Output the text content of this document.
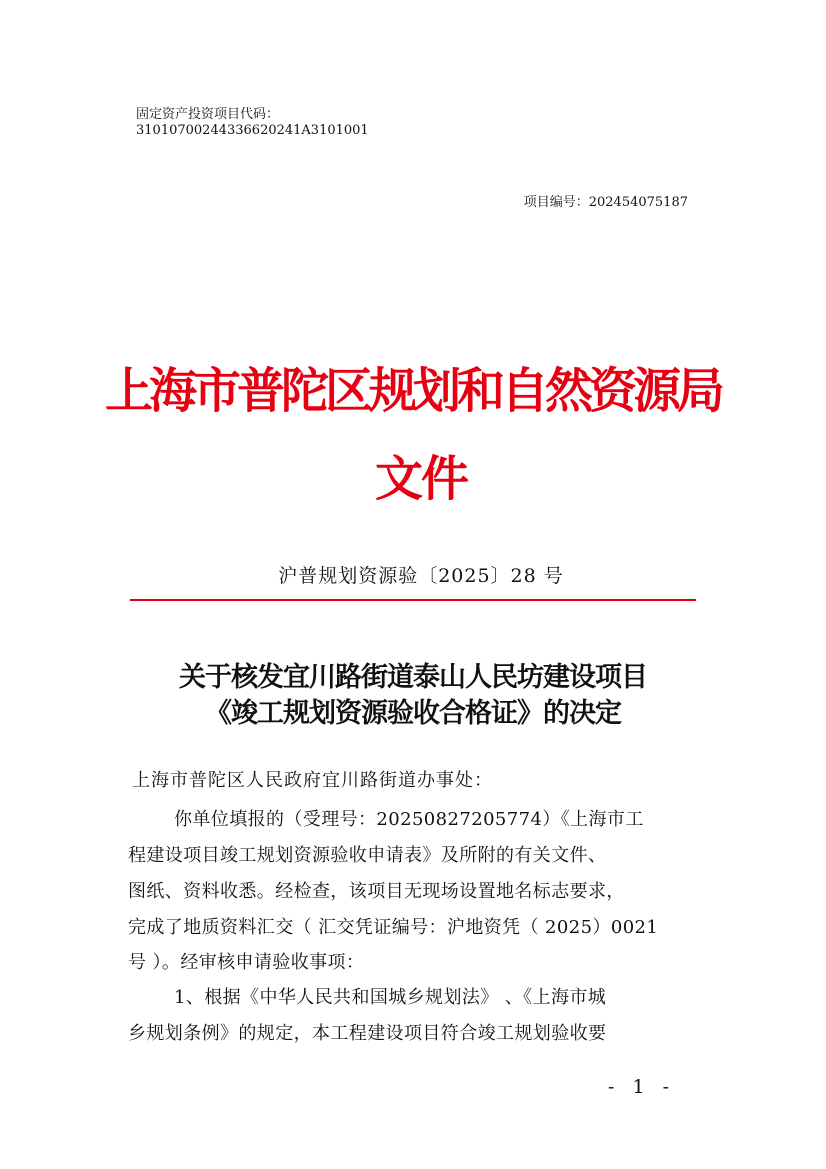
固定资产投资项目代码：
31010700244336620241A3101001
项目编号：202454075187
上海市普陀区规划和自然资源局
文件
沪普规划资源验〔2025〕28 号
关于核发宜川路街道泰山人民坊建设项目
《竣工规划资源验收合格证》的决定
上海市普陀区人民政府宜川路街道办事处：
你单位填报的（受理号：20250827205774）《上海市工
程建设项目竣工规划资源验收申请表》及所附的有关文件、
图纸、资料收悉。经检查，该项目无现场设置地名标志要求，
完成了地质资料汇交（ 汇交凭证编号：沪地资凭（ 2025）0021
号 ）。经审核申请验收事项：
1、根据《中华人民共和国城乡规划法》 、《上海市城
乡规划条例》的规定，本工程建设项目符合竣工规划验收要
- 1 -
